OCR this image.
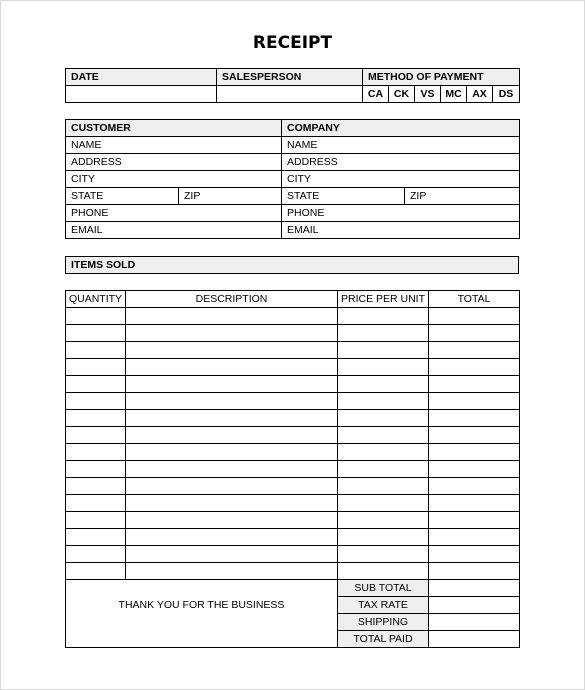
RECEIPT
DATE	SALESPERSON	METHOD OF PAYMENT					
		CA	CK	VS	MC	AX	DS
CUSTOMER		COMPANY	
NAME		NAME	
ADDRESS		ADDRESS	
CITY		CITY	
STATE	ZIP	STATE	ZIP
PHONE		PHONE	
EMAIL		EMAIL	
ITEMS SOLD
QUANTITY	DESCRIPTION	PRICE PER UNIT	TOTAL

		SUB TOTAL	
THANK YOU FOR THE BUSINESS		TAX RATE	
		SHIPPING	
		TOTAL PAID	
